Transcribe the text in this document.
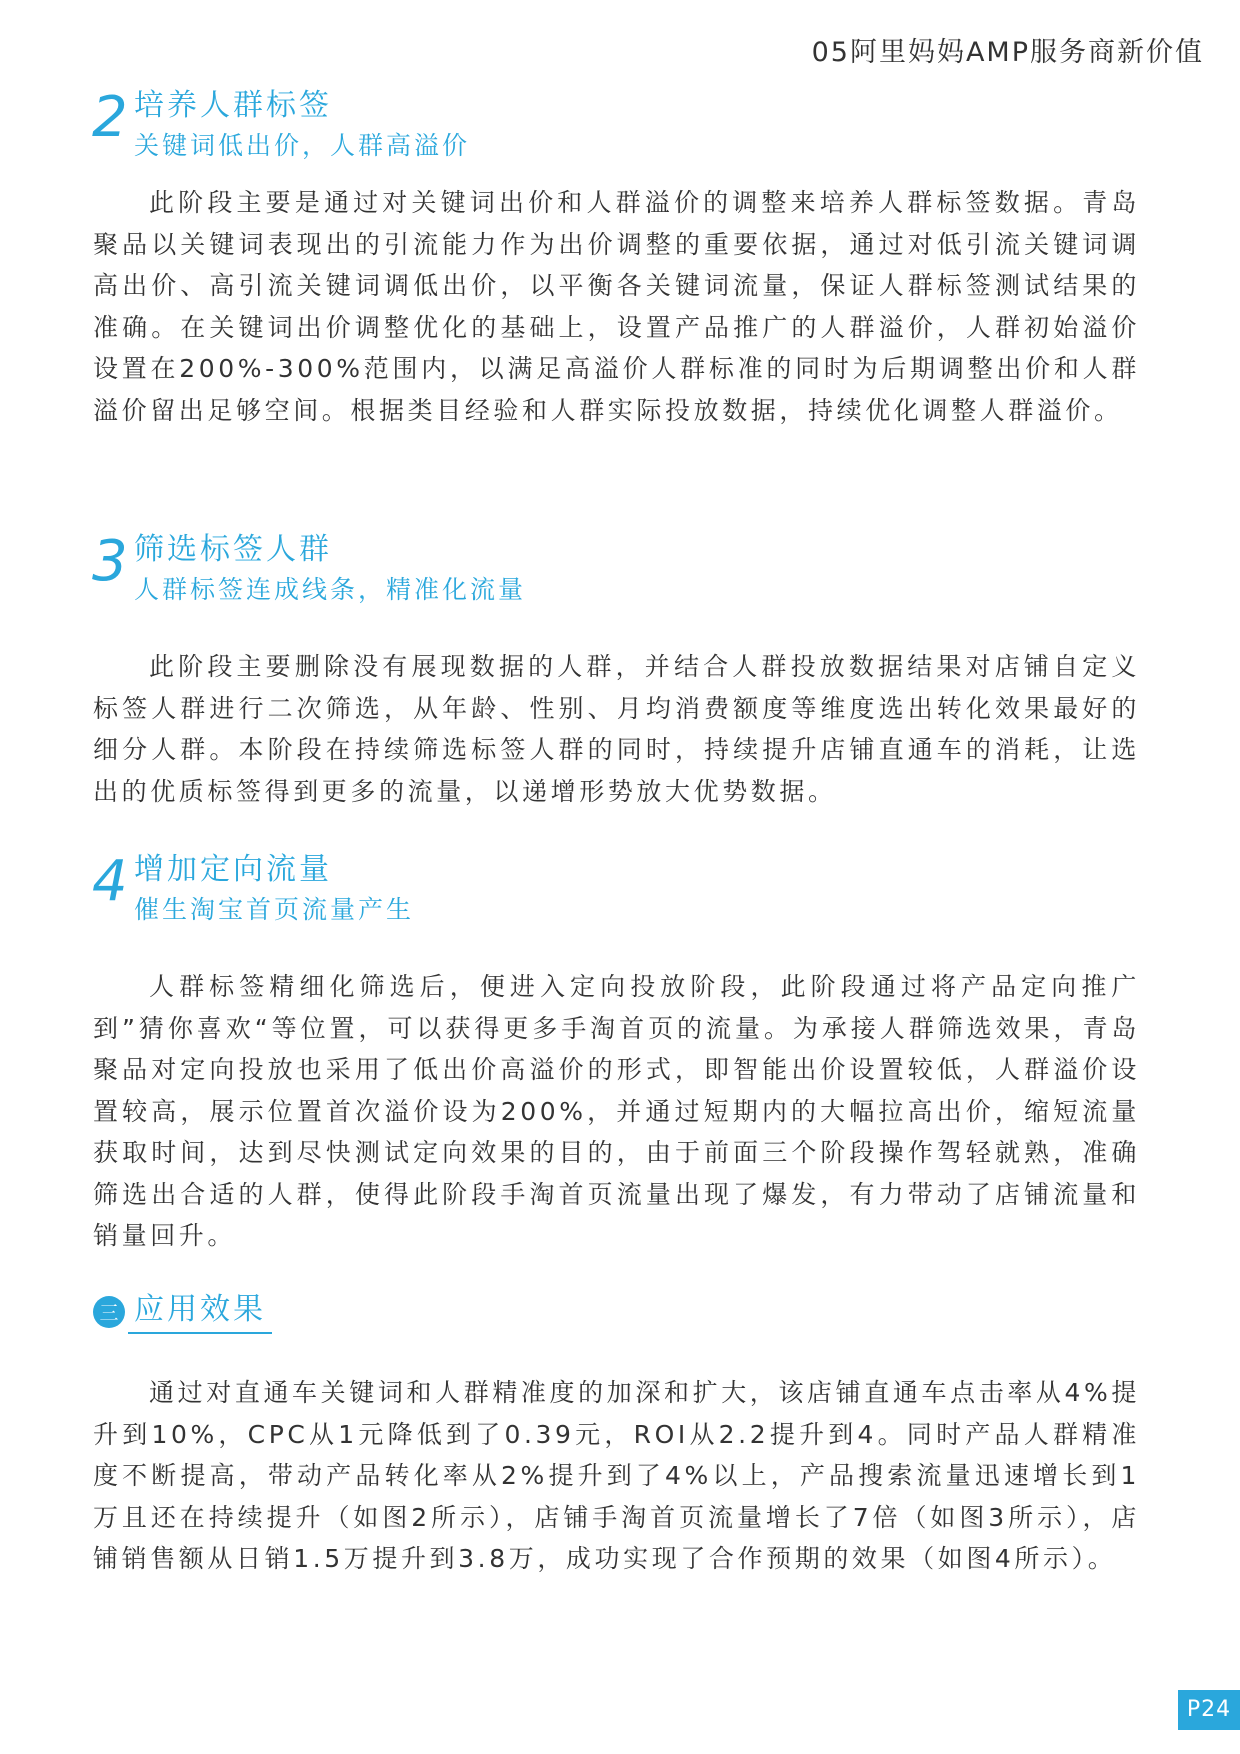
05阿里妈妈AMP服务商新价值
2 培养人群标签

关键词低出价，人群高溢价

此阶段主要是通过对关键词出价和人群溢价的调整来培养人群标签数据。青岛聚品以关键词表现出的引流能力作为出价调整的重要依据，通过对低引流关键词调高出价、高引流关键词调低出价，以平衡各关键词流量，保证人群标签测试结果的准确。在关键词出价调整优化的基础上，设置产品推广的人群溢价，人群初始溢价设置在200%-300%范围内，以满足高溢价人群标准的同时为后期调整出价和人群溢价留出足够空间。根据类目经验和人群实际投放数据，持续优化调整人群溢价。

3 筛选标签人群

人群标签连成线条，精准化流量

此阶段主要删除没有展现数据的人群，并结合人群投放数据结果对店铺自定义标签人群进行二次筛选，从年龄、性别、月均消费额度等维度选出转化效果最好的细分人群。本阶段在持续筛选标签人群的同时，持续提升店铺直通车的消耗，让选出的优质标签得到更多的流量，以递增形势放大优势数据。

4 增加定向流量

催生淘宝首页流量产生

人群标签精细化筛选后，便进入定向投放阶段，此阶段通过将产品定向推广到”猜你喜欢“等位置，可以获得更多手淘首页的流量。为承接人群筛选效果，青岛聚品对定向投放也采用了低出价高溢价的形式，即智能出价设置较低，人群溢价设置较高，展示位置首次溢价设为200%，并通过短期内的大幅拉高出价，缩短流量获取时间，达到尽快测试定向效果的目的，由于前面三个阶段操作驾轻就熟，准确筛选出合适的人群，使得此阶段手淘首页流量出现了爆发，有力带动了店铺流量和销量回升。

三 应用效果

通过对直通车关键词和人群精准度的加深和扩大，该店铺直通车点击率从4%提升到10%，CPC从1元降低到了0.39元，ROI从2.2提升到4。同时产品人群精准度不断提高，带动产品转化率从2%提升到了4%以上，产品搜索流量迅速增长到1万且还在持续提升（如图2所示），店铺手淘首页流量增长了7倍（如图3所示），店铺销售额从日销1.5万提升到3.8万，成功实现了合作预期的效果（如图4所示）。

P24
